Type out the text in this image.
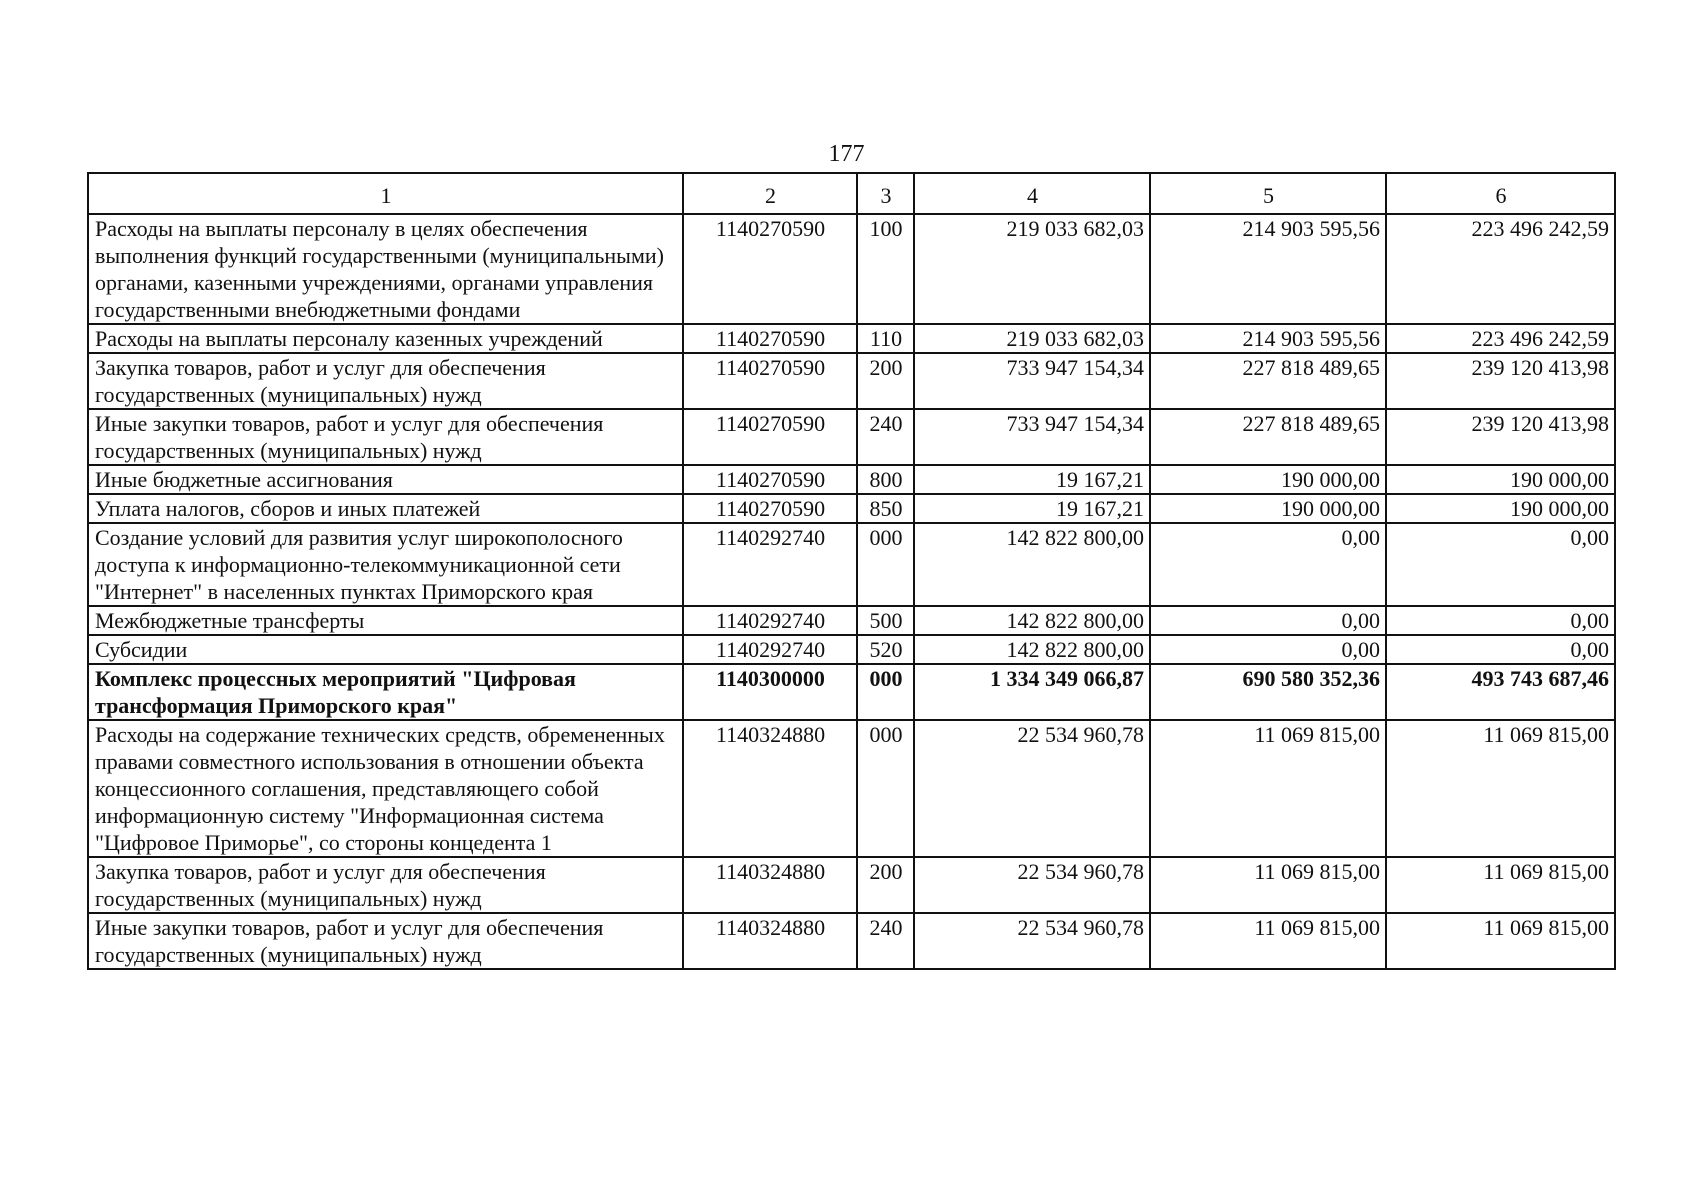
177
1	2	3	4	5	6
Расходы на выплаты персоналу в целях обеспечения выполнения функций государственными (муниципальными) органами, казенными учреждениями, органами управления государственными внебюджетными фондами	1140270590	100	219 033 682,03	214 903 595,56	223 496 242,59
Расходы на выплаты персоналу казенных учреждений	1140270590	110	219 033 682,03	214 903 595,56	223 496 242,59
Закупка товаров, работ и услуг для обеспечения государственных (муниципальных) нужд	1140270590	200	733 947 154,34	227 818 489,65	239 120 413,98
Иные закупки товаров, работ и услуг для обеспечения государственных (муниципальных) нужд	1140270590	240	733 947 154,34	227 818 489,65	239 120 413,98
Иные бюджетные ассигнования	1140270590	800	19 167,21	190 000,00	190 000,00
Уплата налогов, сборов и иных платежей	1140270590	850	19 167,21	190 000,00	190 000,00
Создание условий для развития услуг широкополосного доступа к информационно-телекоммуникационной сети "Интернет" в населенных пунктах Приморского края	1140292740	000	142 822 800,00	0,00	0,00
Межбюджетные трансферты	1140292740	500	142 822 800,00	0,00	0,00
Субсидии	1140292740	520	142 822 800,00	0,00	0,00
Комплекс процессных мероприятий "Цифровая трансформация Приморского края"	1140300000	000	1 334 349 066,87	690 580 352,36	493 743 687,46
Расходы на содержание технических средств, обремененных правами совместного использования в отношении объекта концессионного соглашения, представляющего собой информационную систему "Информационная система "Цифровое Приморье", со стороны концедента 1	1140324880	000	22 534 960,78	11 069 815,00	11 069 815,00
Закупка товаров, работ и услуг для обеспечения государственных (муниципальных) нужд	1140324880	200	22 534 960,78	11 069 815,00	11 069 815,00
Иные закупки товаров, работ и услуг для обеспечения государственных (муниципальных) нужд	1140324880	240	22 534 960,78	11 069 815,00	11 069 815,00
